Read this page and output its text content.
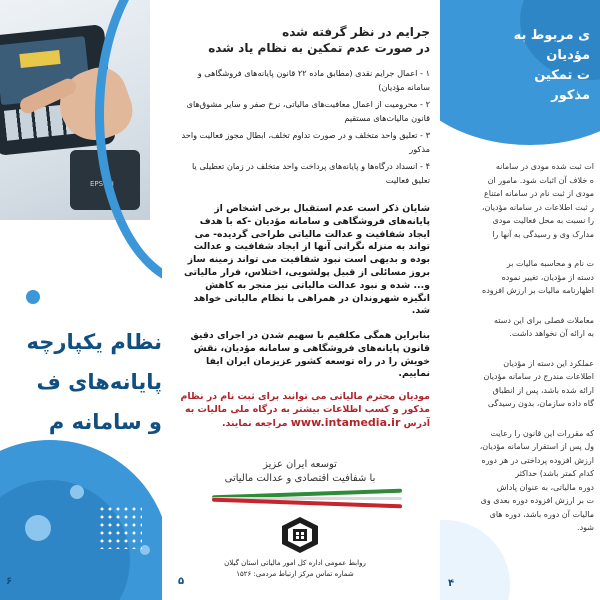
EPSON
نظام یکپارچه
پایانه‌های ف
و سامانه م
۶
جرایم در نظر گرفته شده
در صورت عدم تمکین به نظام یاد شده

۱ - اعمال جرایم نقدی (مطابق ماده ۲۲ قانون پایانه‌های فروشگاهی و سامانه مؤدیان)

۲ - محرومیت از اعمال معافیت‌های مالیاتی، نرخ صفر و سایر مشوق‌های قانون مالیات‌های مستقیم

۳ - تعلیق واحد متخلف و در صورت تداوم تخلف، ابطال مجوز فعالیت واحد مذکور

۴ - انسداد درگاه‌ها و پایانه‌های پرداخت واحد متخلف در زمان تعطیلی یا تعلیق فعالیت

شایان ذکر است عدم استقبال برخی اشخاص از پایانه‌های فروشگاهی و سامانه مؤدیان -که با هدف ایجاد شفافیت و عدالت مالیاتی طراحی گردیده- می تواند به منزله نگرانی آنها از ایجاد شفافیت و عدالت بوده و بدیهی است نبود شفافیت می تواند زمینه ساز بروز مسائلی از قبیل پولشویی، اختلاس، فرار مالیاتی و... شده و نبود عدالت مالیاتی نیز منجر به کاهش انگیزه شهروندان در همراهی با نظام مالیاتی خواهد شد.
بنابراین همگی مکلفیم با سهیم شدن در اجرای دقیق قانون پایانه‌های فروشگاهی و سامانه مؤدیان، نقش خویش را در راه توسعه کشور عزیزمان ایران ایفا نماییم.
مودیان محترم مالیاتی می توانند برای ثبت نام در نظام مذکور و کسب اطلاعات بیشتر به درگاه ملی مالیات به آدرس www.intamedia.ir مراجعه نمایند.
توسعه ایران عزیز
با شفافیت اقتصادی و عدالت مالیاتی
روابط عمومی اداره کل امور مالیاتی استان گیلان
شماره تماس مرکز ارتباط مردمی: ۱۵۲۶
۵
ی مربوط به
مؤدیان
ت تمکین
مذکور

ات ثبت شده مودی در سامانه
ه خلاف آن اثبات شود. مامور ان
مودی از ثبت نام در سامانه امتناع
ر ثبت اطلاعات در سامانه مؤدیان،
را نسبت به محل فعالیت مودی
مدارک وی و رسیدگی به آنها را

ت نام و محاسبه مالیات بر
دسته از مؤدیان، تغییر نموده
اظهارنامه مالیات بر ارزش افزوده

معاملات فصلی برای این دسته
به ارائه آن نخواهد داشت.

عملکرد این دسته از مؤدیان
اطلاعات مندرج در سامانه مؤدیان
ارائه شده باشد، پس از انطباق
گاه داده سازمان، بدون رسیدگی

که مقررات این قانون را رعایت
ول پس از استقرار سامانه مؤدیان،
ارزش افزوده پرداختی در هر دوره
کدام کمتر باشد) حداکثر
دوره مالیاتی، به عنوان پاداش
ت بر ارزش افزوده دوره بعدی وی
مالیات آن دوره باشد، دوره های
شود.

۴
